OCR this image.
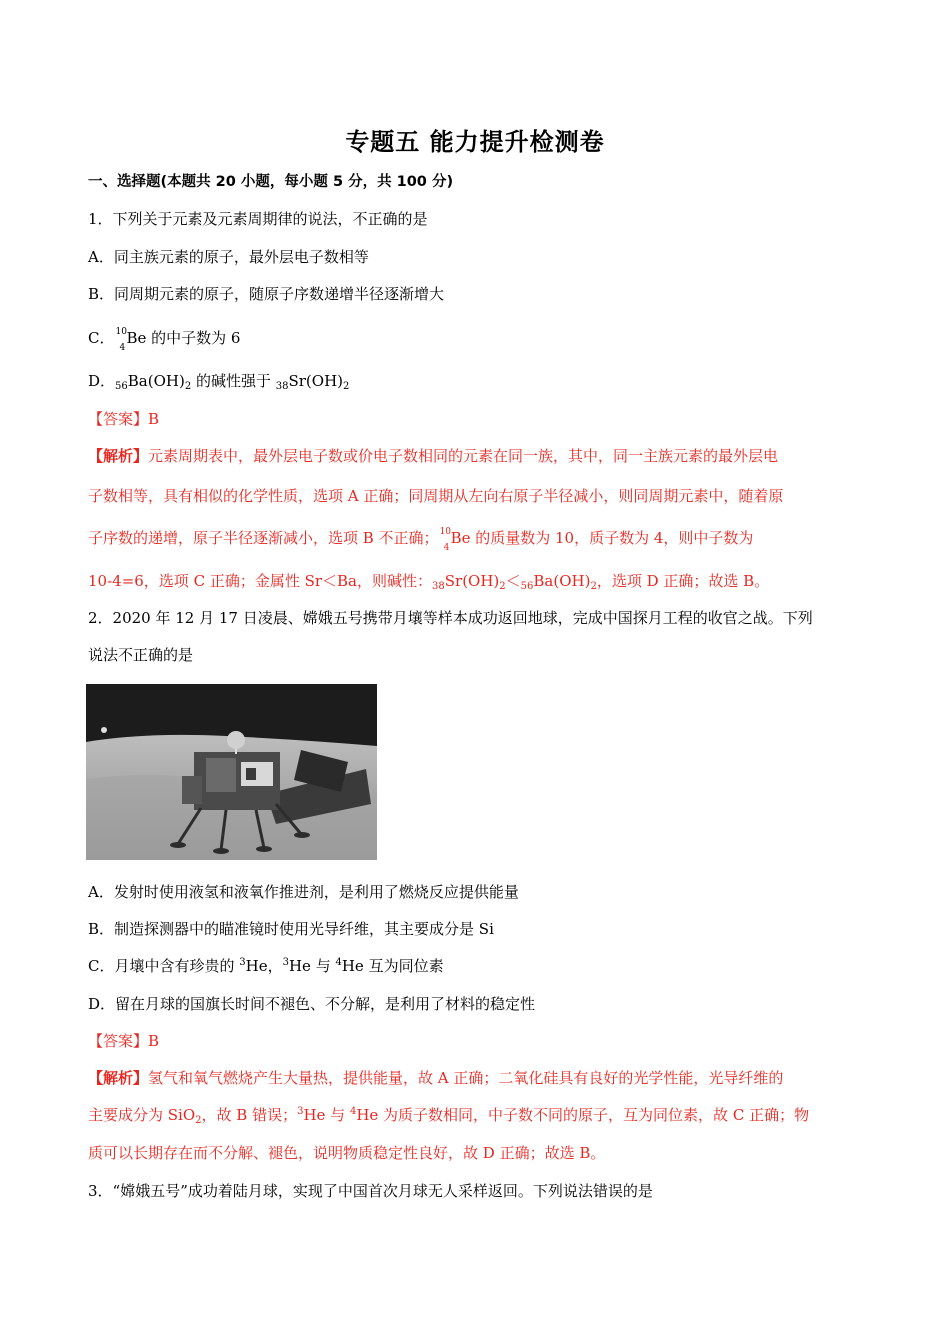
专题五 能力提升检测卷
一、选择题(本题共 20 小题，每小题 5 分，共 100 分)
1．下列关于元素及元素周期律的说法，不正确的是
A．同主族元素的原子，最外层电子数相等
B．同周期元素的原子，随原子序数递增半径逐渐增大
C． 10
4
Be 的中子数为 6
D．$_{56}Ba(OH)_2$ 的碱性强于 $_{38}Sr(OH)_2$
【答案】B
【解析】元素周期表中，最外层电子数或价电子数相同的元素在同一族，其中，同一主族元素的最外层电
子数相等，具有相似的化学性质，选项 A 正确；同周期从左向右原子半径减小，则同周期元素中，随着原
子序数的递增，原子半径逐渐减小，选项 B 不正确； 10
4
Be 的质量数为 10，质子数为 4，则中子数为
10-4=6，选项 C 正确；金属性 Sr＜Ba，则碱性：$_{38}Sr(OH)_2<_{56}Ba(OH)_2$，选项 D 正确；故选 B。
2．2020 年 12 月 17 日凌晨、嫦娥五号携带月壤等样本成功返回地球，完成中国探月工程的收官之战。下列
说法不正确的是
A．发射时使用液氢和液氧作推进剂，是利用了燃烧反应提供能量
B．制造探测器中的瞄准镜时使用光导纤维，其主要成分是 Si
C．月壤中含有珍贵的 $^3$He，$^3$He 与 $^4$He 互为同位素
D．留在月球的国旗长时间不褪色、不分解，是利用了材料的稳定性
【答案】B
【解析】氢气和氧气燃烧产生大量热，提供能量，故 A 正确；二氧化硅具有良好的光学性能，光导纤维的
主要成分为 SiO$_2$，故 B 错误；$^3$He 与 $^4$He 为质子数相同，中子数不同的原子，互为同位素，故 C 正确；物
质可以长期存在而不分解、褪色，说明物质稳定性良好，故 D 正确；故选 B。
3．“嫦娥五号”成功着陆月球，实现了中国首次月球无人采样返回。下列说法错误的是
